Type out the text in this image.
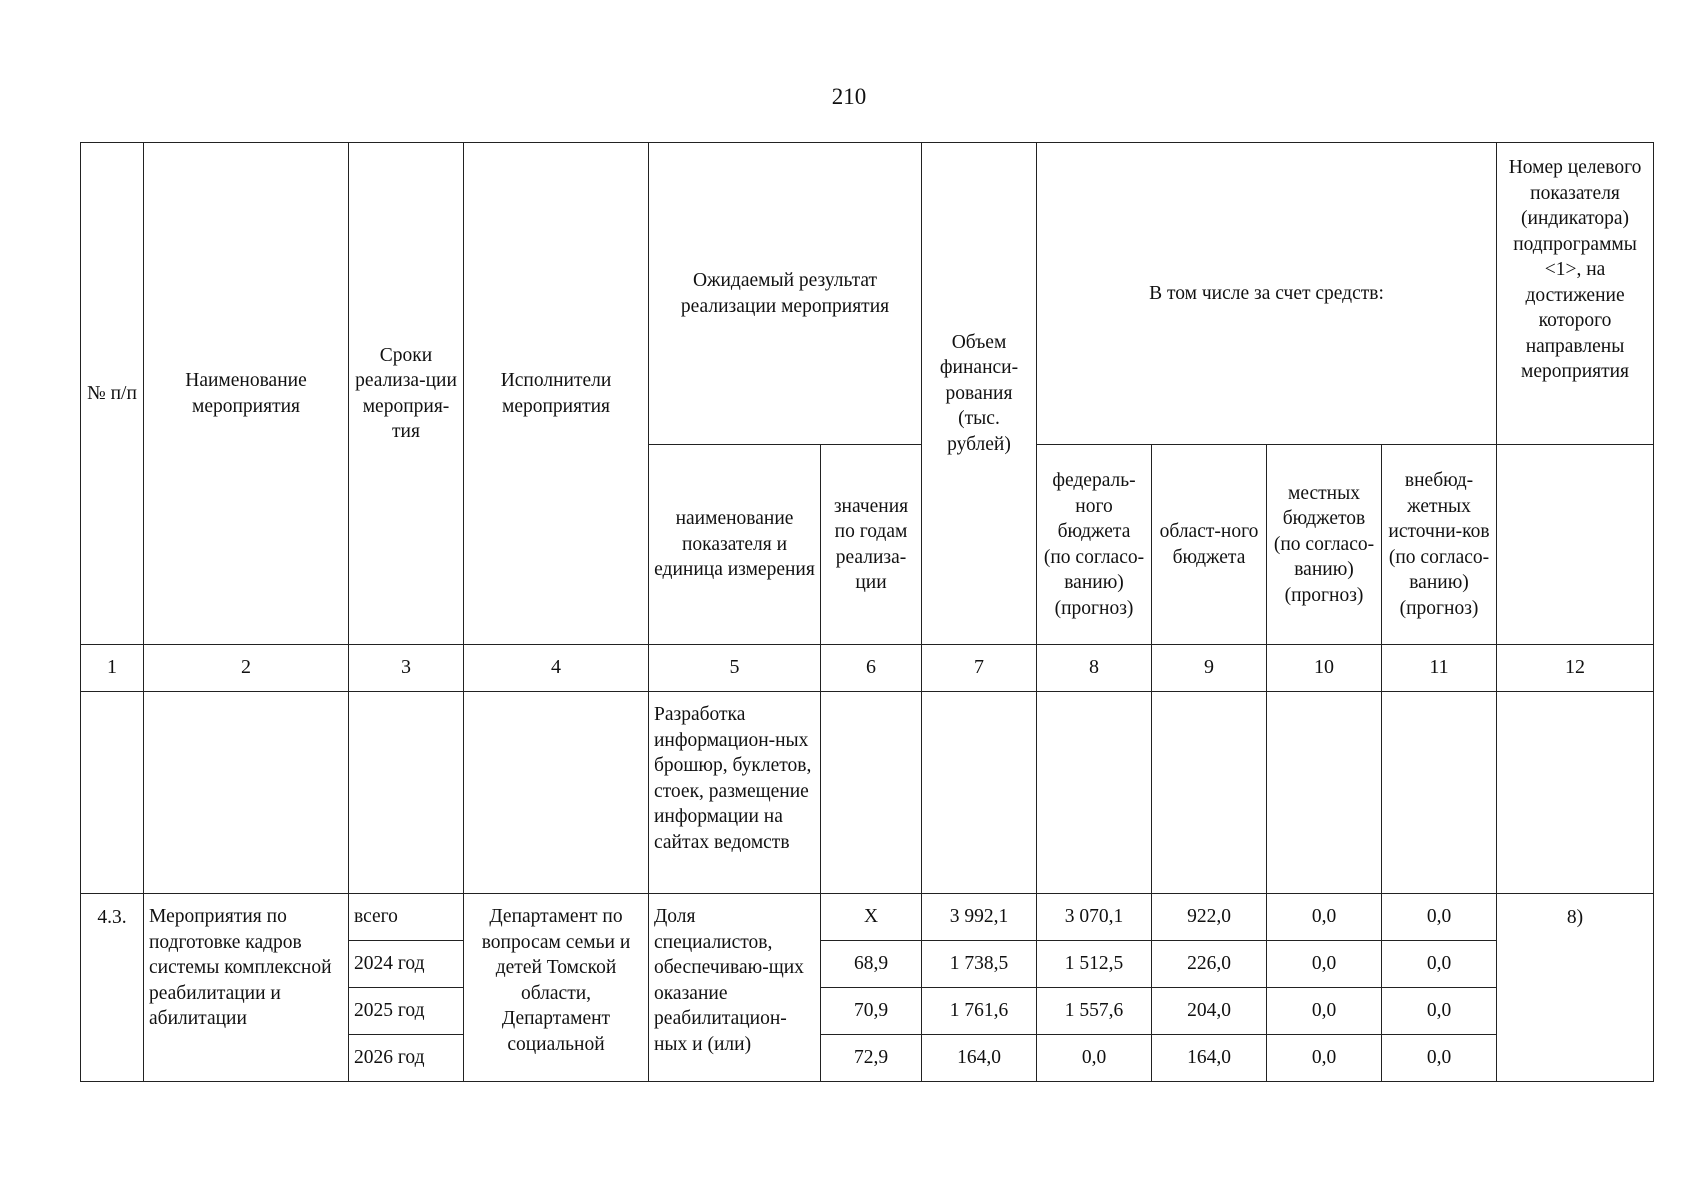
210
№ п/п	Наименование мероприятия	Сроки реализа-ции мероприя-тия	Исполнители мероприятия	Ожидаемый результат реализации мероприятия		Объем финанси-рования (тыс. рублей)	В том числе за счет средств:				Номер целевого показателя (индикатора) подпрограммы <1>, на достижение которого направлены мероприятия
				наименование показателя и единица измерения	значения по годам реализа-ции		федераль-ного бюджета (по согласо-ванию) (прогноз)	област-ного бюджета	местных бюджетов (по согласо-ванию) (прогноз)	внебюд-жетных источни-ков (по согласо-ванию) (прогноз)	
1	2	3	4	5	6	7	8	9	10	11	12
				Разработка информацион-ных брошюр, буклетов, стоек, размещение информации на сайтах ведомств							
4.3.	Мероприятия по подготовке кадров системы комплексной реабилитации и абилитации	всего	Департамент по вопросам семьи и детей Томской области, Департамент социальной	Доля специалистов, обеспечиваю-щих оказание реабилитацион-ных и (или)	Х	3 992,1	3 070,1	922,0	0,0	0,0	8)
		2024 год			68,9	1 738,5	1 512,5	226,0	0,0	0,0	
		2025 год			70,9	1 761,6	1 557,6	204,0	0,0	0,0	
		2026 год			72,9	164,0	0,0	164,0	0,0	0,0	
